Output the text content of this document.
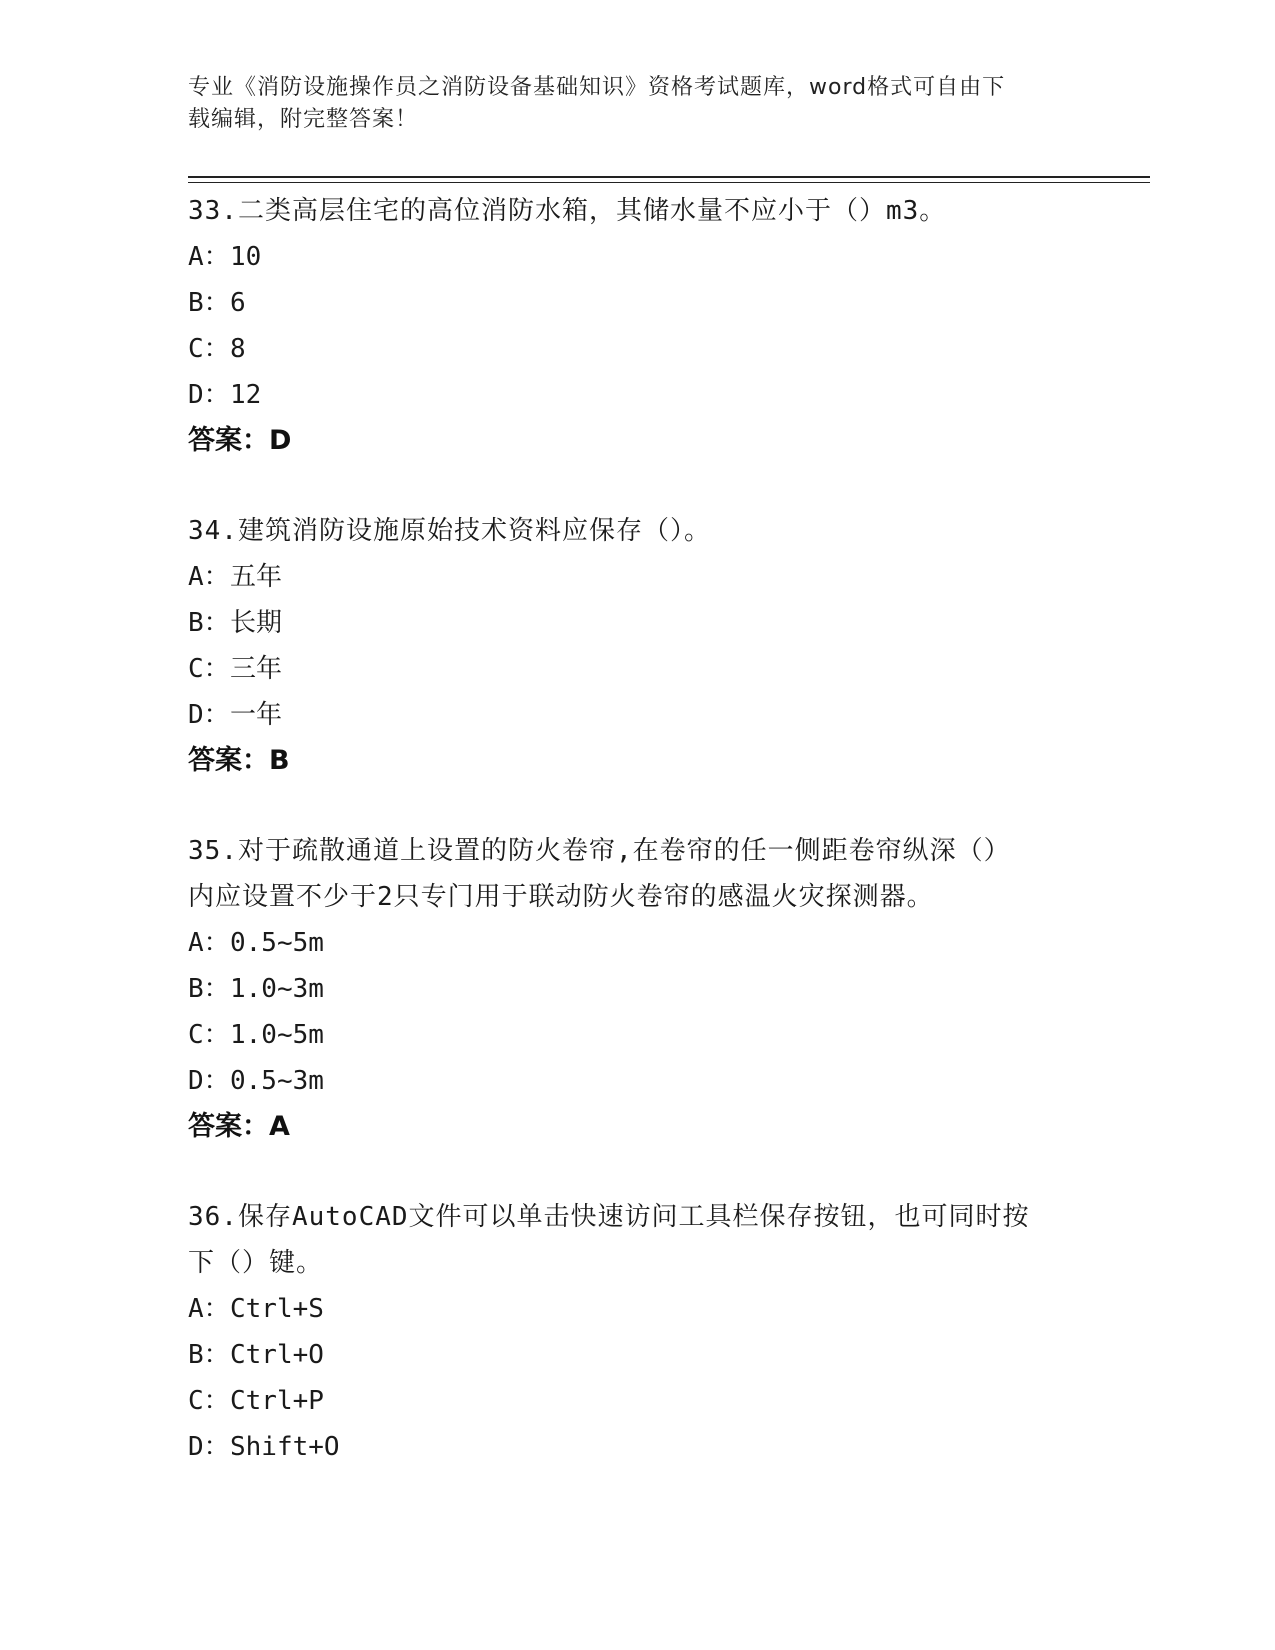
专业《消防设施操作员之消防设备基础知识》资格考试题库，word格式可自由下
载编辑，附完整答案！
33.二类高层住宅的高位消防水箱，其储水量不应小于（）m3。
A：10
B：6
C：8
D：12
答案：D
34.建筑消防设施原始技术资料应保存（）。
A：五年
B：长期
C：三年
D：一年
答案：B
35.对于疏散通道上设置的防火卷帘,在卷帘的任一侧距卷帘纵深（）
内应设置不少于2只专门用于联动防火卷帘的感温火灾探测器。
A：0.5~5m
B：1.0~3m
C：1.0~5m
D：0.5~3m
答案：A
36.保存AutoCAD文件可以单击快速访问工具栏保存按钮，也可同时按
下（）键。
A：Ctrl+S
B：Ctrl+O
C：Ctrl+P
D：Shift+O
